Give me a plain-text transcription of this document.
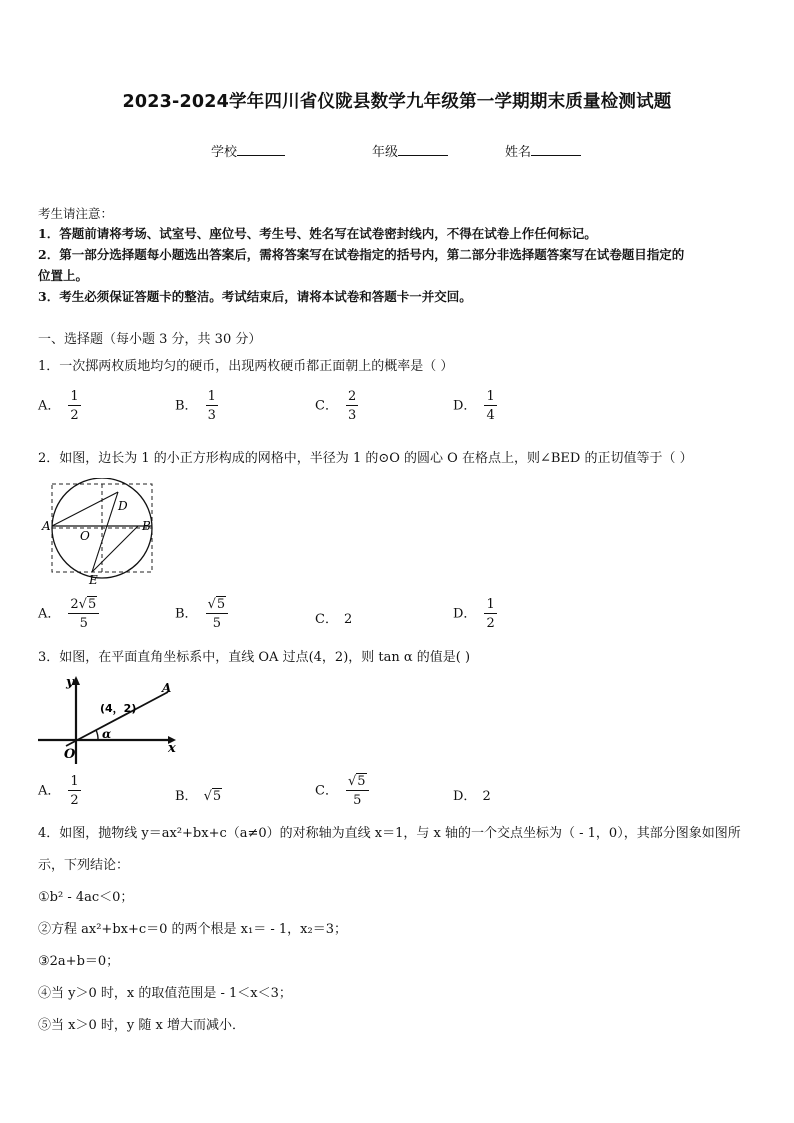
2023-2024学年四川省仪陇县数学九年级第一学期期末质量检测试题
学校	年级	姓名
考生请注意：
1．答题前请将考场、试室号、座位号、考生号、姓名写在试卷密封线内，不得在试卷上作任何标记。
2．第一部分选择题每小题选出答案后，需将答案写在试卷指定的括号内，第二部分非选择题答案写在试卷题目指定的
位置上。
3．考生必须保证答题卡的整洁。考试结束后，请将本试卷和答题卡一并交回。
一、选择题（每小题 3 分，共 30 分）
1．一次掷两枚质地均匀的硬币，出现两枚硬币都正面朝上的概率是（ ）
A． $\frac{1}{2}$	B． $\frac{1}{3}$	C． $\frac{2}{3}$	D． $\frac{1}{4}$
2．如图，边长为 1 的小正方形构成的网格中，半径为 1 的⊙O 的圆心 O 在格点上，则∠BED 的正切值等于（ ）
A	B
D
O
E
A． $\frac{2√5}{5}$	B． $\frac{√5}{5}$	C． 2	D． $\frac{1}{2}$
3．如图，在平面直角坐标系中，直线 OA 过点(4，2)，则 tan α 的值是( )
y
x
O
A
(4，2)
α
A． $\frac{1}{2}$	B． √5	C． $\frac{√5}{5}$	D． 2
4．如图，抛物线 y＝ax²+bx+c（a≠0）的对称轴为直线 x＝1，与 x 轴的一个交点坐标为（ - 1，0），其部分图象如图所
示，下列结论：
①b² - 4ac＜0；
②方程 ax²+bx+c＝0 的两个根是 x₁＝ - 1，x₂＝3；
③2a+b＝0；
④当 y＞0 时，x 的取值范围是 - 1＜x＜3；
⑤当 x＞0 时，y 随 x 增大而减小．
